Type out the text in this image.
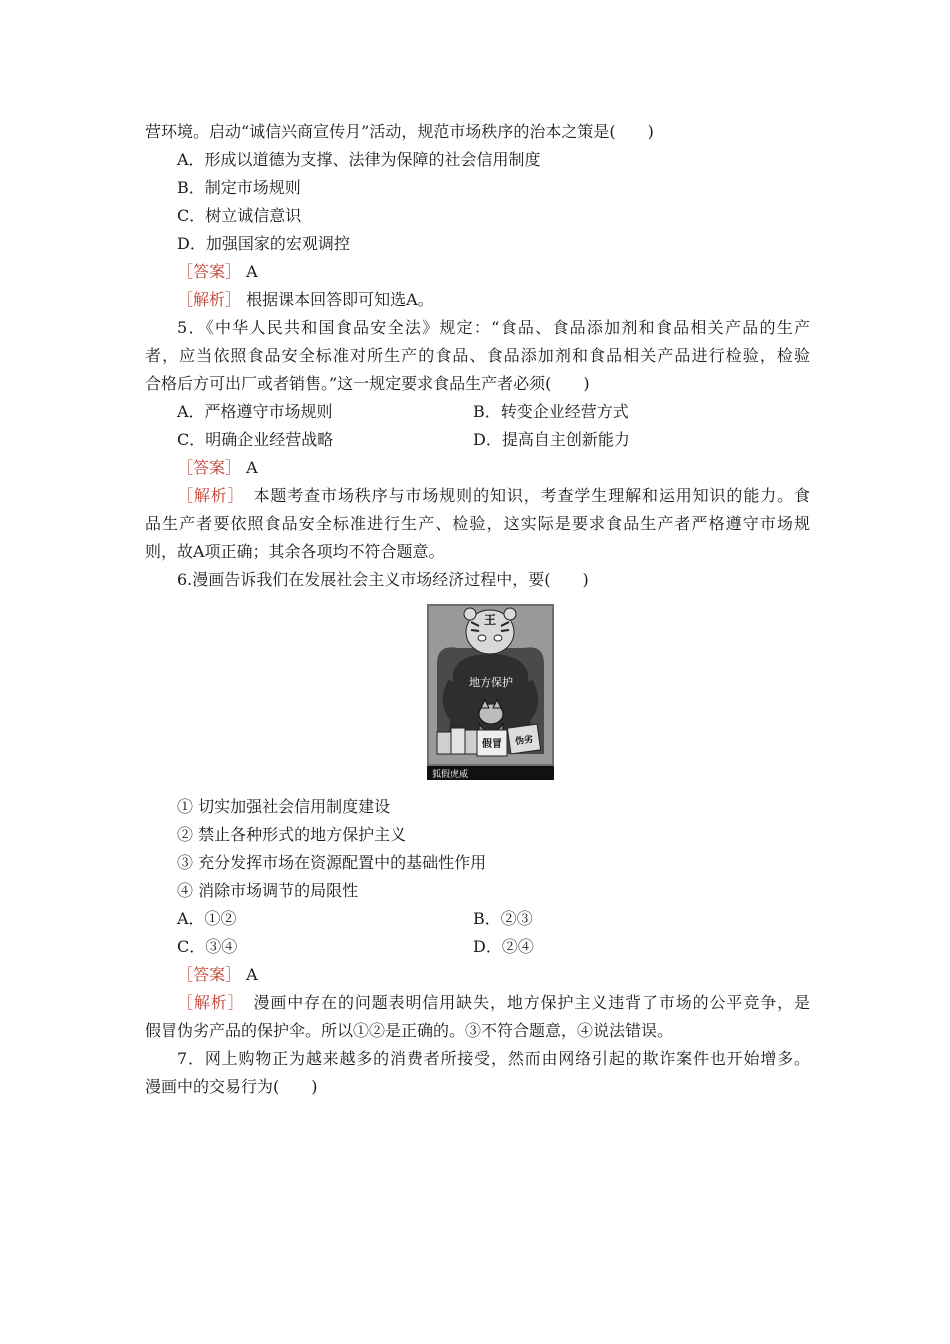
营环境。启动“诚信兴商宣传月”活动，规范市场秩序的治本之策是(　　)
A．形成以道德为支撑、法律为保障的社会信用制度
B．制定市场规则
C．树立诚信意识
D．加强国家的宏观调控
［答案］ A
［解析］ 根据课本回答即可知选A。
5．《中华人民共和国食品安全法》规定：“食品、食品添加剂和食品相关产品的生产
者，应当依照食品安全标准对所生产的食品、食品添加剂和食品相关产品进行检验，检验
合格后方可出厂或者销售。”这一规定要求食品生产者必须(　　)
A．严格遵守市场规则	B．转变企业经营方式
C．明确企业经营战略	D．提高自主创新能力
［答案］ A
［解析］　 本题考查市场秩序与市场规则的知识，考查学生理解和运用知识的能力。食
品生产者要依照食品安全标准进行生产、检验，这实际是要求食品生产者严格遵守市场规
则，故A项正确；其余各项均不符合题意。
6.漫画告诉我们在发展社会主义市场经济过程中，要(　　)
王
地方保护
假冒 伪劣
狐假虎威
① 切实加强社会信用制度建设
② 禁止各种形式的地方保护主义
③ 充分发挥市场在资源配置中的基础性作用
④ 消除市场调节的局限性
A．①②	B．②③
C．③④	D．②④
［答案］ A
［解析］　 漫画中存在的问题表明信用缺失，地方保护主义违背了市场的公平竞争，是
假冒伪劣产品的保护伞。所以①②是正确的。③不符合题意，④说法错误。
7．网上购物正为越来越多的消费者所接受，然而由网络引起的欺诈案件也开始增多。
漫画中的交易行为(　　)
